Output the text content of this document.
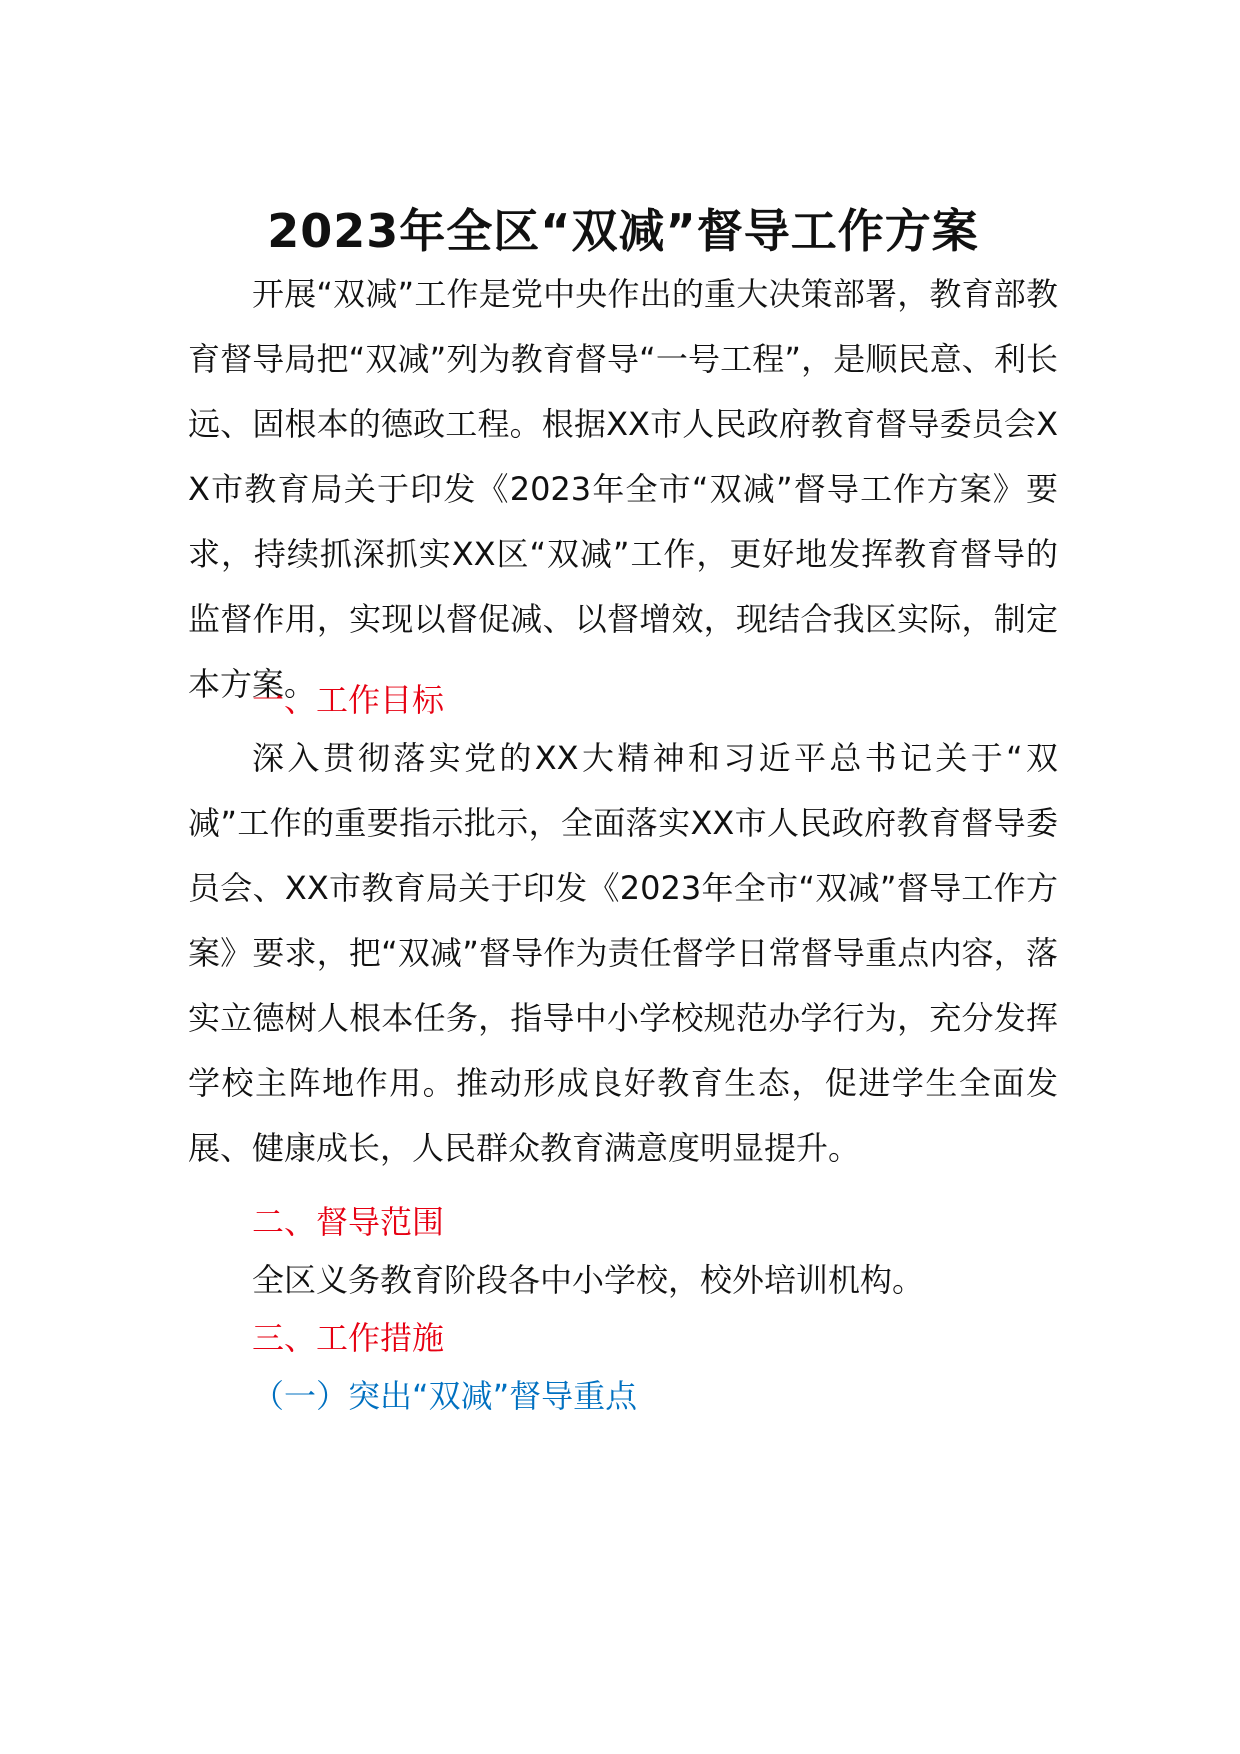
2023年全区“双减”督导工作方案

开展“双减”工作是党中央作出的重大决策部署，教育部教育督导局把“双减”列为教育督导“一号工程”，是顺民意、利长远、固根本的德政工程。根据XX市人民政府教育督导委员会XX市教育局关于印发《2023年全市“双减”督导工作方案》要求，持续抓深抓实XX区“双减”工作，更好地发挥教育督导的监督作用，实现以督促减、以督增效，现结合我区实际，制定本方案。

一、工作目标

深入贯彻落实党的XX大精神和习近平总书记关于“双减”工作的重要指示批示，全面落实XX市人民政府教育督导委员会、XX市教育局关于印发《2023年全市“双减”督导工作方案》要求，把“双减”督导作为责任督学日常督导重点内容，落实立德树人根本任务，指导中小学校规范办学行为，充分发挥学校主阵地作用。推动形成良好教育生态，促进学生全面发展、健康成长，人民群众教育满意度明显提升。

二、督导范围

全区义务教育阶段各中小学校，校外培训机构。

三、工作措施

（一）突出“双减”督导重点
